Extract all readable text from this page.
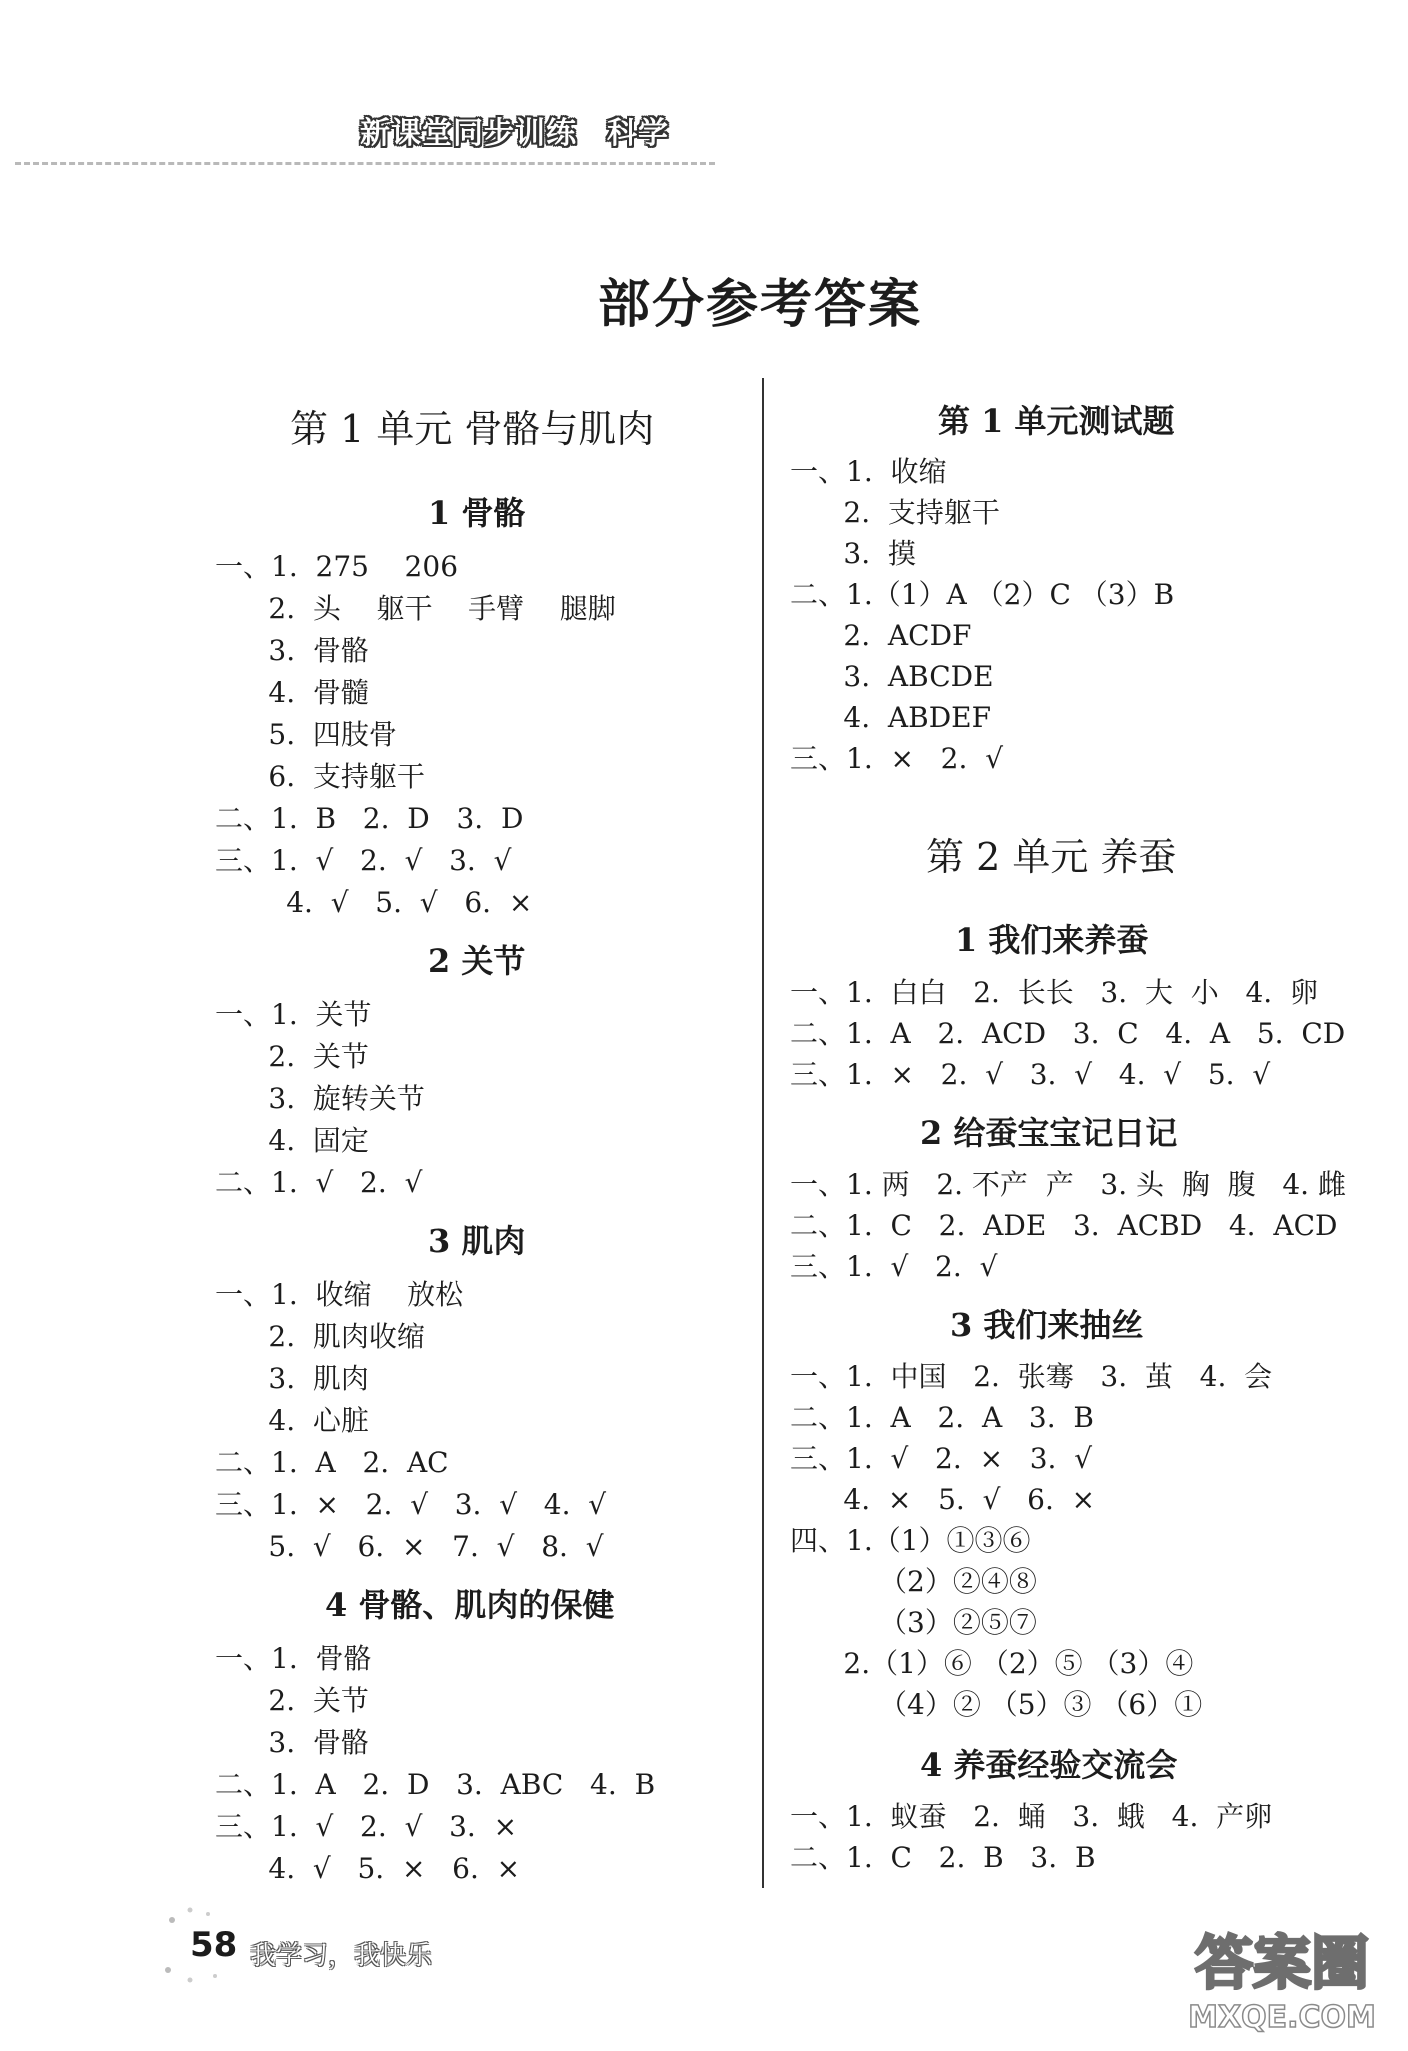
新课堂同步训练 科学
部分参考答案
第 1 单元 骨骼与肌肉
1 骨骼
一、1.  275    206
2.  头    躯干    手臂    腿脚
3.  骨骼
4.  骨髓
5.  四肢骨
6.  支持躯干
二、1.  B   2.  D   3.  D
三、1.  √   2.  √   3.  √
4.  √   5.  √   6.  ×
2 关节
一、1.  关节
2.  关节
3.  旋转关节
4.  固定
二、1.  √   2.  √
3 肌肉
一、1.  收缩    放松
2.  肌肉收缩
3.  肌肉
4.  心脏
二、1.  A   2.  AC
三、1.  ×   2.  √   3.  √   4.  √
5.  √   6.  ×   7.  √   8.  √
4 骨骼、肌肉的保健
一、1.  骨骼
2.  关节
3.  骨骼
二、1.  A   2.  D   3.  ABC   4.  B
三、1.  √   2.  √   3.  ×
4.  √   5.  ×   6.  ×
第 1 单元测试题
一、1.  收缩
2.  支持躯干
3.  摸
二、1.（1）A （2）C （3）B
2.  ACDF
3.  ABCDE
4.  ABDEF
三、1.  ×   2.  √
第 2 单元 养蚕
1 我们来养蚕
一、1.  白白   2.  长长   3.  大  小   4.  卵
二、1.  A   2.  ACD   3.  C   4.  A   5.  CD
三、1.  ×   2.  √   3.  √   4.  √   5.  √
2 给蚕宝宝记日记
一、1. 两   2. 不产  产   3. 头  胸  腹   4. 雌
二、1.  C   2.  ADE   3.  ACBD   4.  ACD
三、1.  √   2.  √
3 我们来抽丝
一、1.  中国   2.  张骞   3.  茧   4.  会
二、1.  A   2.  A   3.  B
三、1.  √   2.  ×   3.  √
4.  ×   5.  √   6.  ×
四、1.（1）①③⑥
（2）②④⑧
（3）②⑤⑦
2.（1）⑥ （2）⑤ （3）④
（4）② （5）③ （6）①
4 养蚕经验交流会
一、1.  蚁蚕   2.  蛹   3.  蛾   4.  产卵
二、1.  C   2.  B   3.  B
58 我学习，我快乐	答案圈
MXQE.COM
